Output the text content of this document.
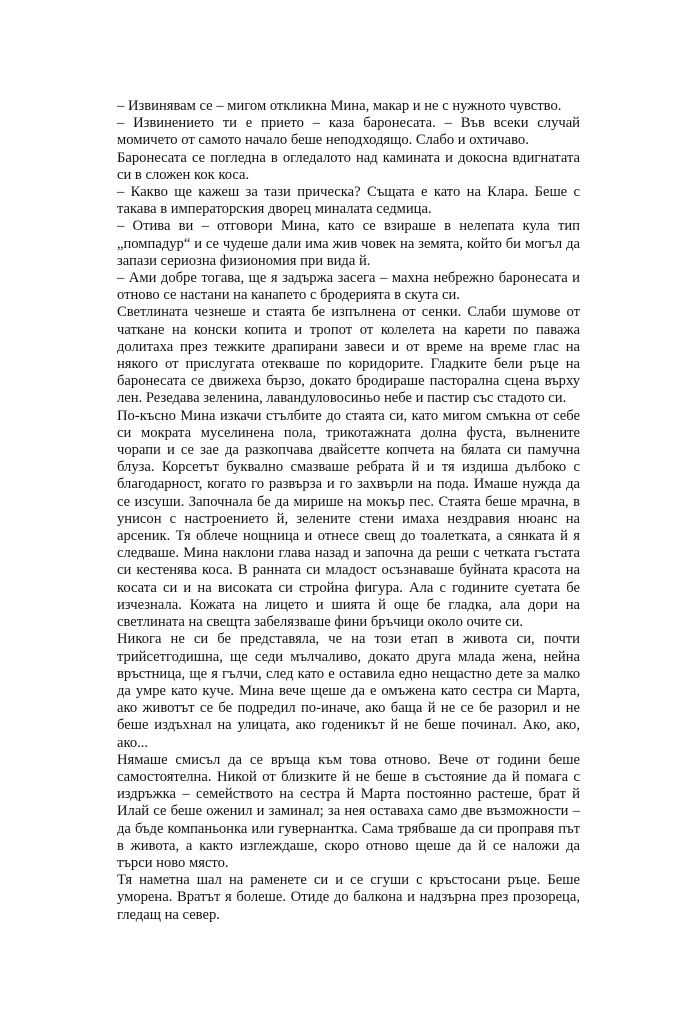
– Извинявам се – мигом откликна Мина, макар и не с нужното чувство.

– Извинението ти е прието – каза баронесата. – Във всеки случай момичето от самото начало беше неподходящо. Слабо и охтичаво.

Баронесата се погледна в огледалото над камината и докосна вдигнатата си в сложен кок коса.

– Какво ще кажеш за тази прическа? Същата е като на Клара. Беше с такава в императорския дворец миналата седмица.

– Отива ви – отговори Мина, като се взираше в нелепата кула тип „помпадур“ и се чудеше дали има жив човек на земята, който би могъл да запази сериозна физиономия при вида й.

– Ами добре тогава, ще я задържа засега – махна небрежно баронесата и отново се настани на канапето с бродерията в скута си.

Светлината чезнеше и стаята бе изпълнена от сенки. Слаби шумове от чаткане на конски копита и тропот от колелета на карети по паважа долитаха през тежките драпирани завеси и от време на време глас на някого от прислугата отекваше по коридорите. Гладките бели ръце на баронесата се движеха бързо, докато бродираше пасторална сцена върху лен. Резедава зеленина, лавандуловосиньо небе и пастир със стадото си.

По-късно Мина изкачи стълбите до стаята си, като мигом смъкна от себе си мократа муселинена пола, трикотажната долна фуста, вълнените чорапи и се зае да разкопчава двайсетте копчета на бялата си памучна блуза. Корсетът буквално смазваше ребрата й и тя издиша дълбоко с благодарност, когато го развърза и го захвърли на пода. Имаше нужда да се изсуши. Започнала бе да мирише на мокър пес. Стаята беше мрачна, в унисон с настроението й, зелените стени имаха нездравия нюанс на арсеник. Тя облече нощница и отнесе свещ до тоалетката, а сянката й я следваше. Мина наклони глава назад и започна да реши с четката гъстата си кестенява коса. В ранната си младост осъзнаваше буйната красота на косата си и на високата си стройна фигура. Ала с годините суетата бе изчезнала. Кожата на лицето и шията й още бе гладка, ала дори на светлината на свещта забелязваше фини бръчици около очите си.

Никога не си бе представяла, че на този етап в живота си, почти трийсетгодишна, ще седи мълчаливо, докато друга млада жена, нейна връстница, ще я гълчи, след като е оставила едно нещастно дете за малко да умре като куче. Мина вече щеше да е омъжена като сестра си Марта, ако животът се бе подредил по-иначе, ако баща й не се бе разорил и не беше издъхнал на улицата, ако годеникът й не беше починал. Ако, ако, ако...

Нямаше смисъл да се връща към това отново. Вече от години беше самостоятелна. Никой от близките й не беше в състояние да й помага с издръжка – семейството на сестра й Марта постоянно растеше, брат й Илай се беше оженил и заминал; за нея оставаха само две възможности – да бъде компаньонка или гувернантка. Сама трябваше да си проправя път в живота, а както изглеждаше, скоро отново щеше да й се наложи да търси ново място.

Тя наметна шал на раменете си и се сгуши с кръстосани ръце. Беше уморена. Вратът я болеше. Отиде до балкона и надзърна през прозореца, гледащ на север.
